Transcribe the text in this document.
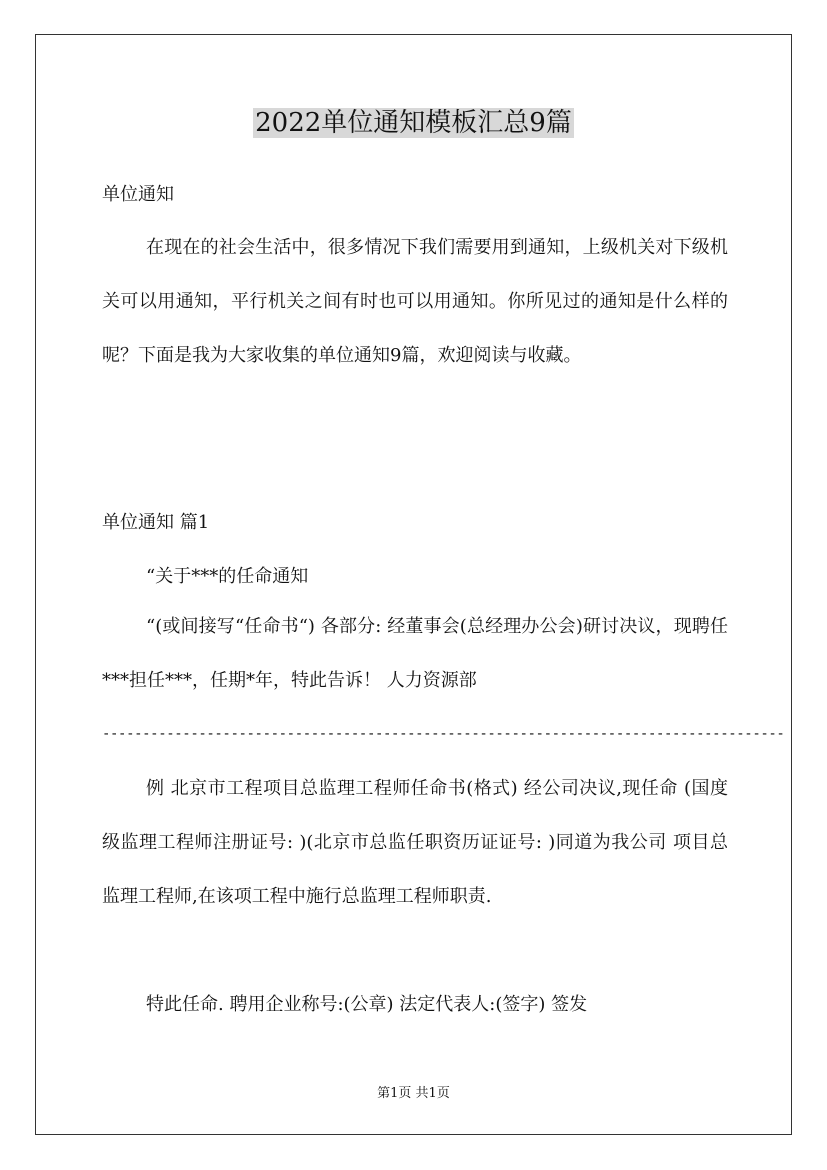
2022单位通知模板汇总9篇
单位通知
在现在的社会生活中，很多情况下我们需要用到通知，上级机关对下级机关可以用通知，平行机关之间有时也可以用通知。你所见过的通知是什么样的呢？下面是我为大家收集的单位通知9篇，欢迎阅读与收藏。
单位通知 篇1
“关于***的任命通知
“(或间接写“任命书“) 各部分: 经董事会(总经理办公会)研讨决议，现聘任***担任***，任期*年，特此告诉！ 人力资源部
-------------------------------------------------------------------------------------
例 北京市工程项目总监理工程师任命书(格式) 经公司决议,现任命 (国度级监理工程师注册证号: )(北京市总监任职资历证证号: )同道为我公司 项目总监理工程师,在该项工程中施行总监理工程师职责.
特此任命. 聘用企业称号:(公章) 法定代表人:(签字) 签发
第1页 共1页
